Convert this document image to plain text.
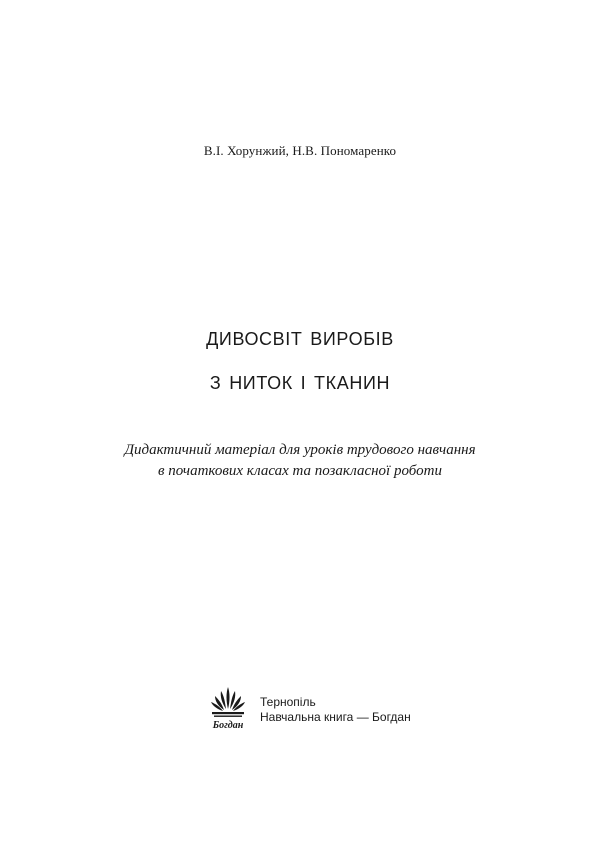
В.І. Хорунжий, Н.В. Пономаренко
дивосвіт виробів
з ниток і тканин
Дидактичний матеріал для уроків трудового навчання
в початкових класах та позакласної роботи
Богдан
Тернопіль
Навчальна книга — Богдан
